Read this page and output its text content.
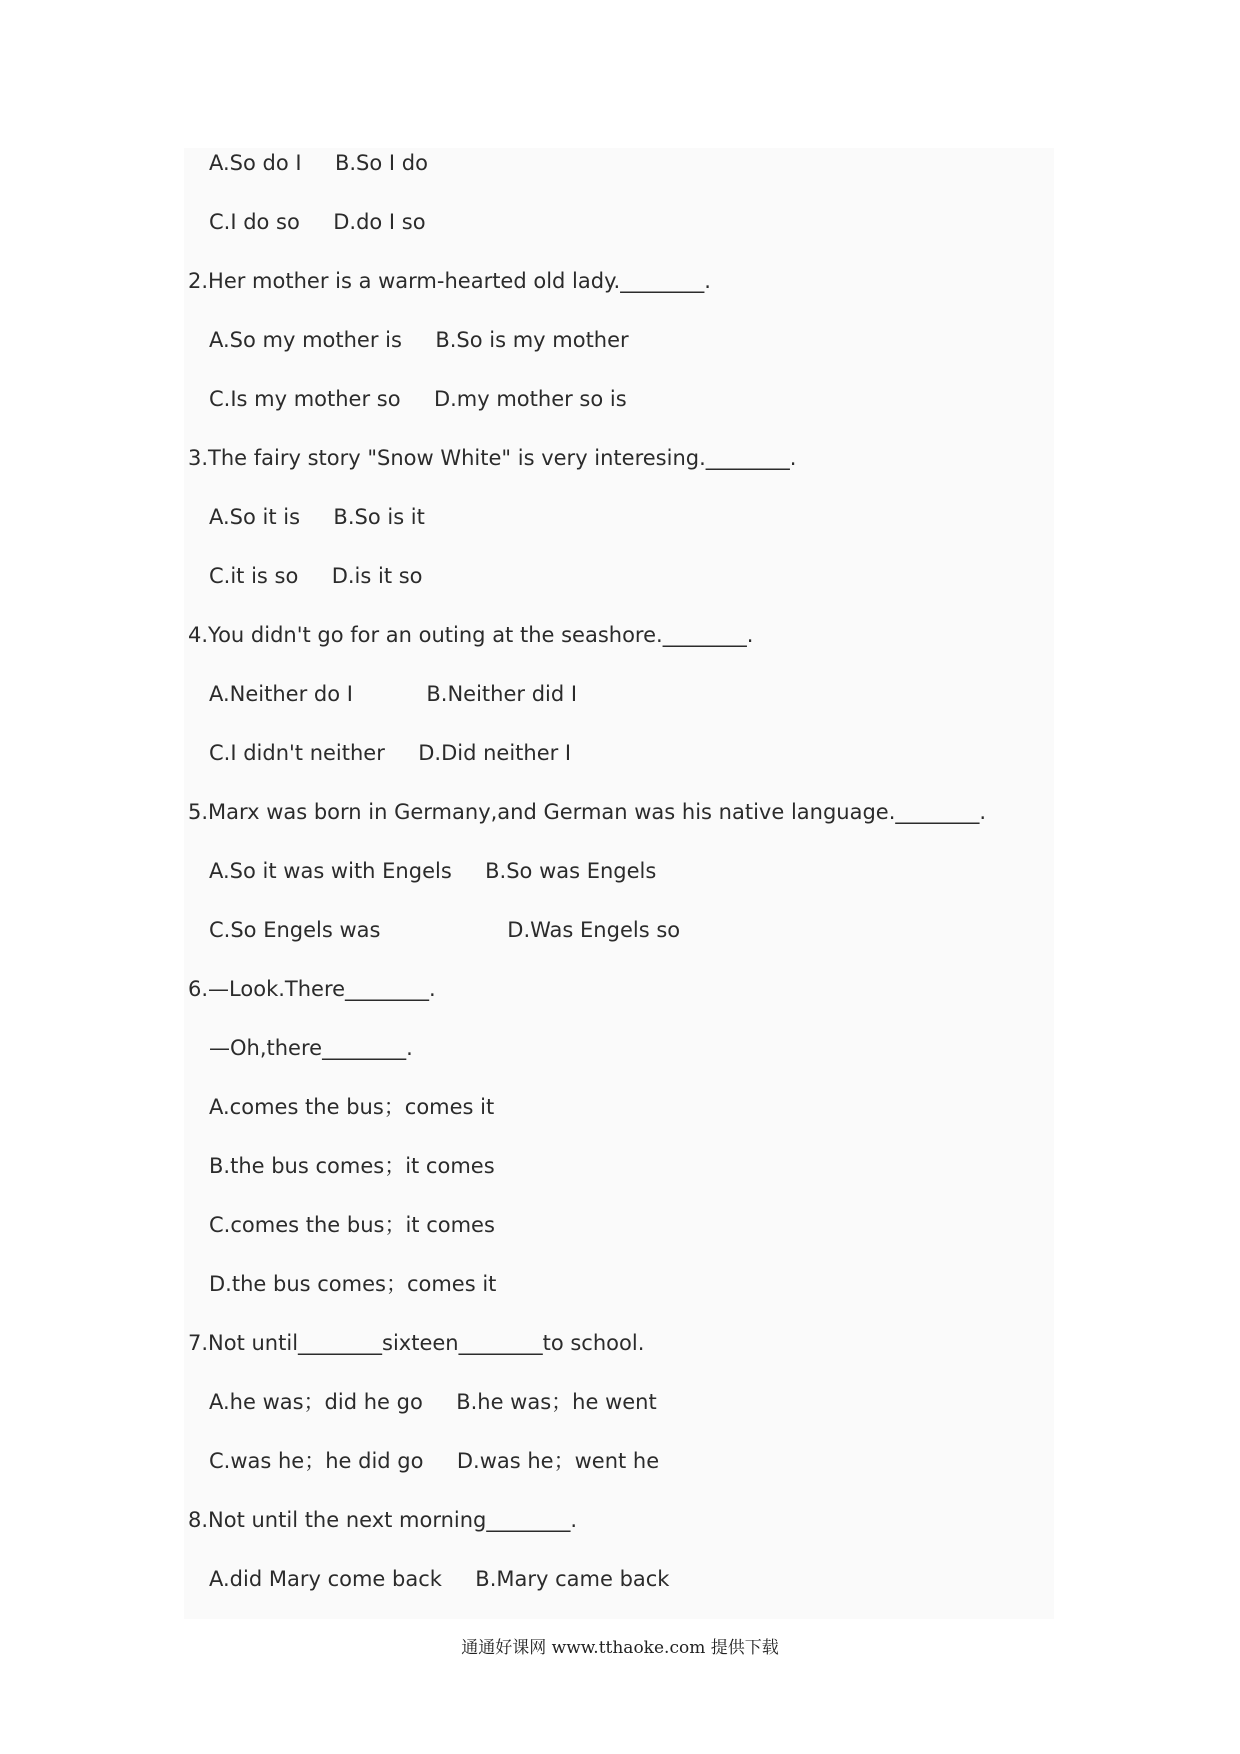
A.So do I     B.So I do
C.I do so     D.do I so
2.Her mother is a warm-hearted old lady.________.
A.So my mother is     B.So is my mother
C.Is my mother so     D.my mother so is
3.The fairy story "Snow White" is very interesing.________.
A.So it is     B.So is it
C.it is so     D.is it so
4.You didn't go for an outing at the seashore.________.
A.Neither do I           B.Neither did I
C.I didn't neither     D.Did neither I
5.Marx was born in Germany,and German was his native language.________.
A.So it was with Engels     B.So was Engels
C.So Engels was                   D.Was Engels so
6.—Look.There________.
—Oh,there________.
A.comes the bus；comes it
B.the bus comes；it comes
C.comes the bus；it comes
D.the bus comes；comes it
7.Not until________sixteen________to school.
A.he was；did he go     B.he was；he went
C.was he；he did go     D.was he；went he
8.Not until the next morning________.
A.did Mary come back     B.Mary came back
通通好课网 www.tthaoke.com 提供下载
